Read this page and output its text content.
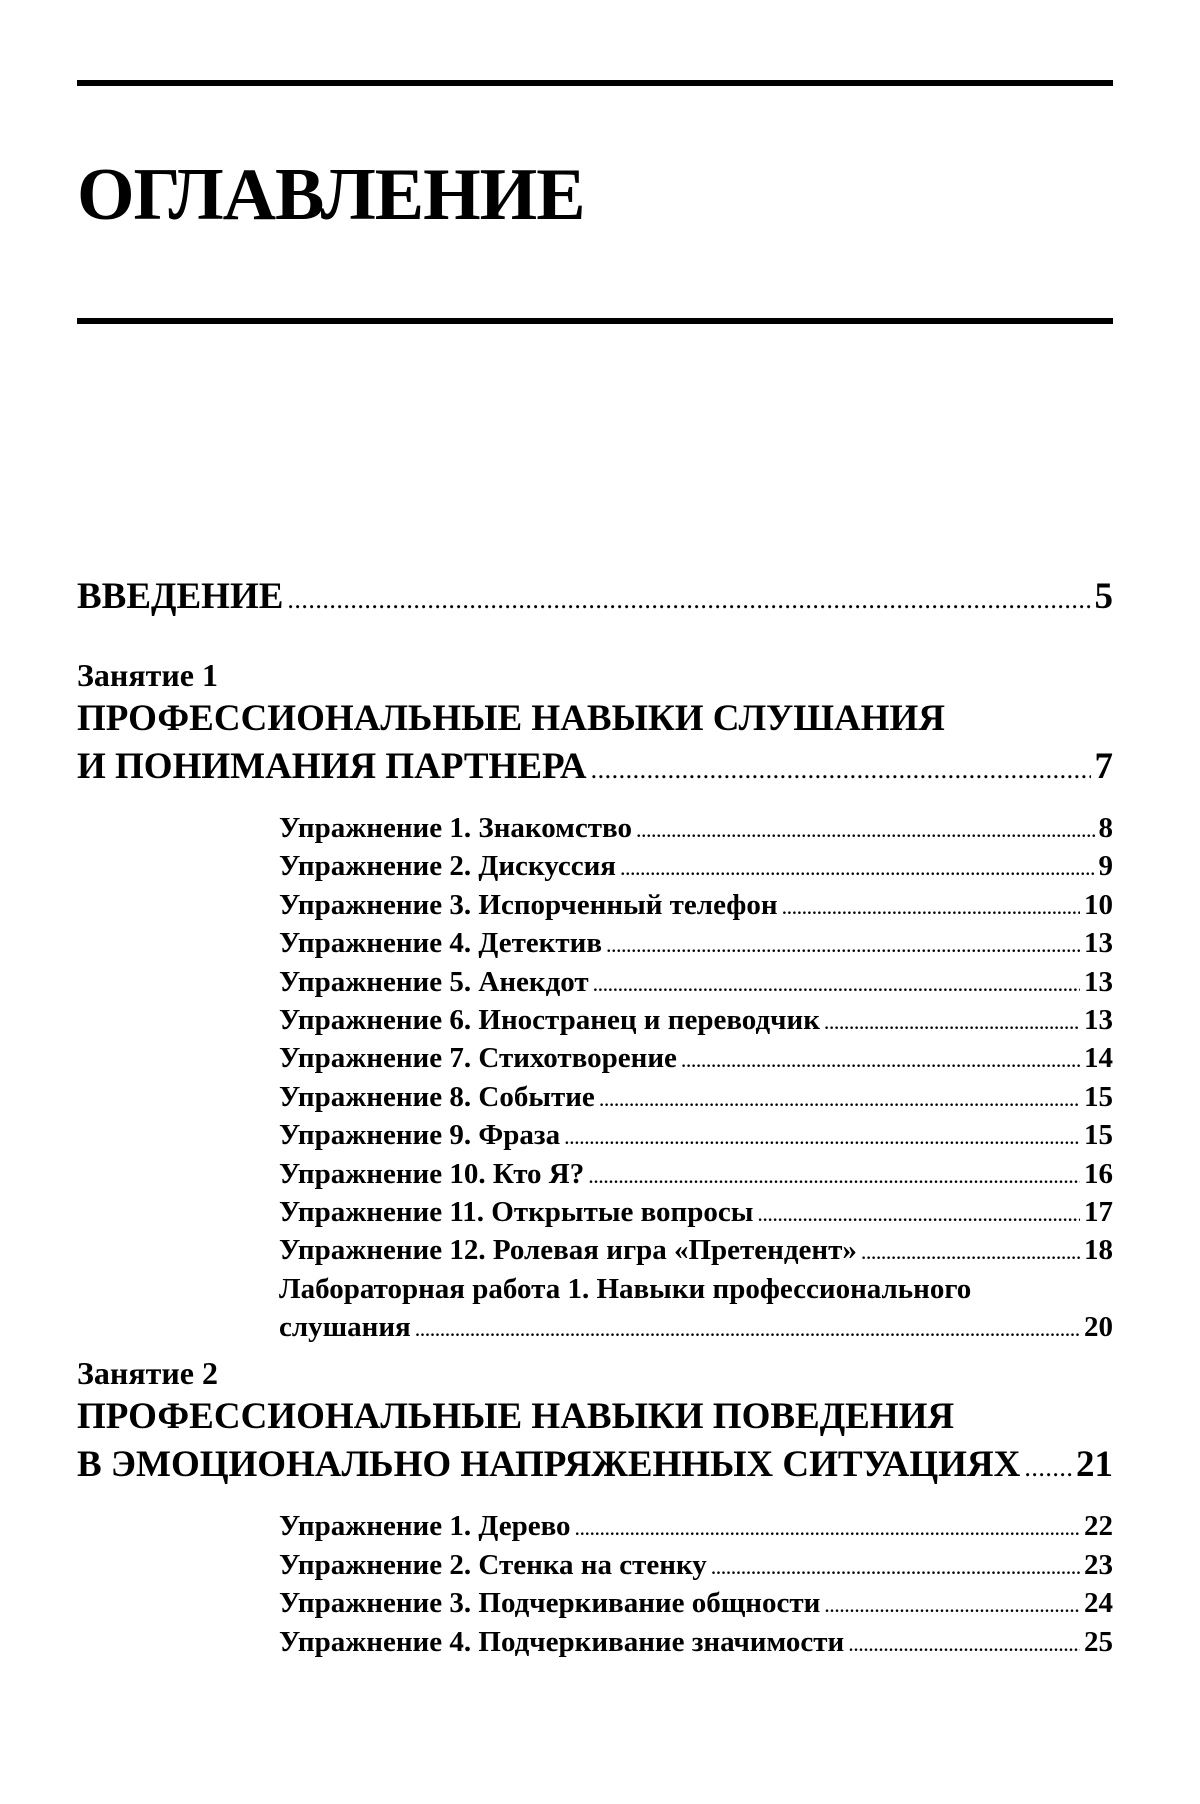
ОГЛАВЛЕНИЕ
ВВЕДЕНИЕ . . .	5
Занятие 1
ПРОФЕССИОНАЛЬНЫЕ НАВЫКИ СЛУШАНИЯ
И ПОНИМАНИЯ ПАРТНЕРА . . .	7
Упражнение 1. Знакомство . . .	8
Упражнение 2. Дискуссия . . .	9
Упражнение 3. Испорченный телефон . . .	10
Упражнение 4. Детектив . . .	13
Упражнение 5. Анекдот . . .	13
Упражнение 6. Иностранец и переводчик . . .	13
Упражнение 7. Стихотворение . . .	14
Упражнение 8. Событие . . .	15
Упражнение 9. Фраза . . .	15
Упражнение 10. Кто Я? . . .	16
Упражнение 11. Открытые вопросы . . .	17
Упражнение 12. Ролевая игра «Претендент» . . .	18
Лабораторная работа 1. Навыки профессионального
слушания . . .	20
Занятие 2
ПРОФЕССИОНАЛЬНЫЕ НАВЫКИ ПОВЕДЕНИЯ
В ЭМОЦИОНАЛЬНО НАПРЯЖЕННЫХ СИТУАЦИЯХ . . . 21
Упражнение 1. Дерево . . .	22
Упражнение 2. Стенка на стенку . . .	23
Упражнение 3. Подчеркивание общности . . .	24
Упражнение 4. Подчеркивание значимости . . .	25
